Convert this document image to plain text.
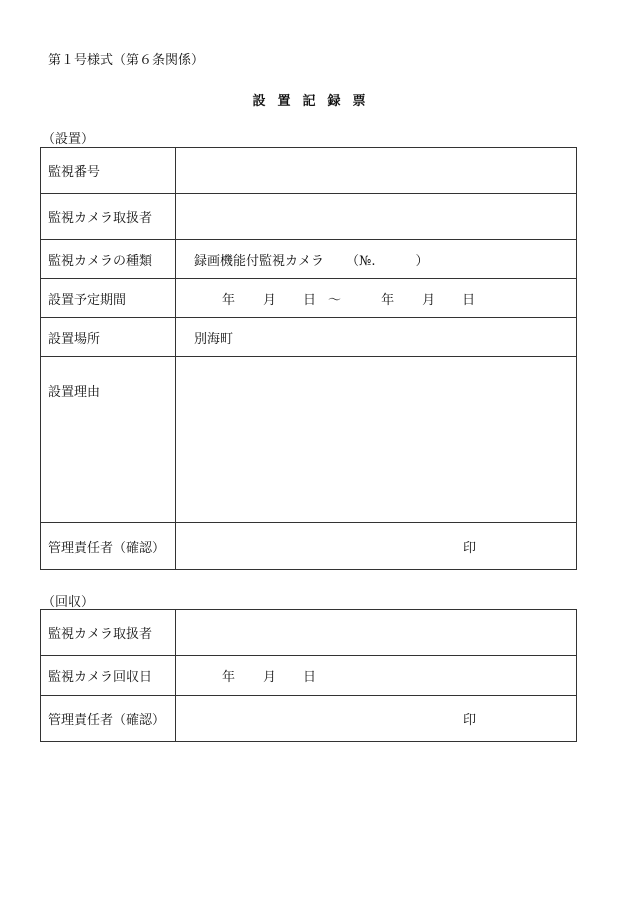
第１号様式（第６条関係）
設置記録票
（設置）
監視番号	
監視カメラ取扱者	
監視カメラの種類	録画機能付監視カメラ （№. ）
設置予定期間	年 月 日 ～ 年 月 日
設置場所	別海町
設置理由	
管理責任者（確認）	印
（回収）
監視カメラ取扱者	
監視カメラ回収日	年 月 日
管理責任者（確認）	印
